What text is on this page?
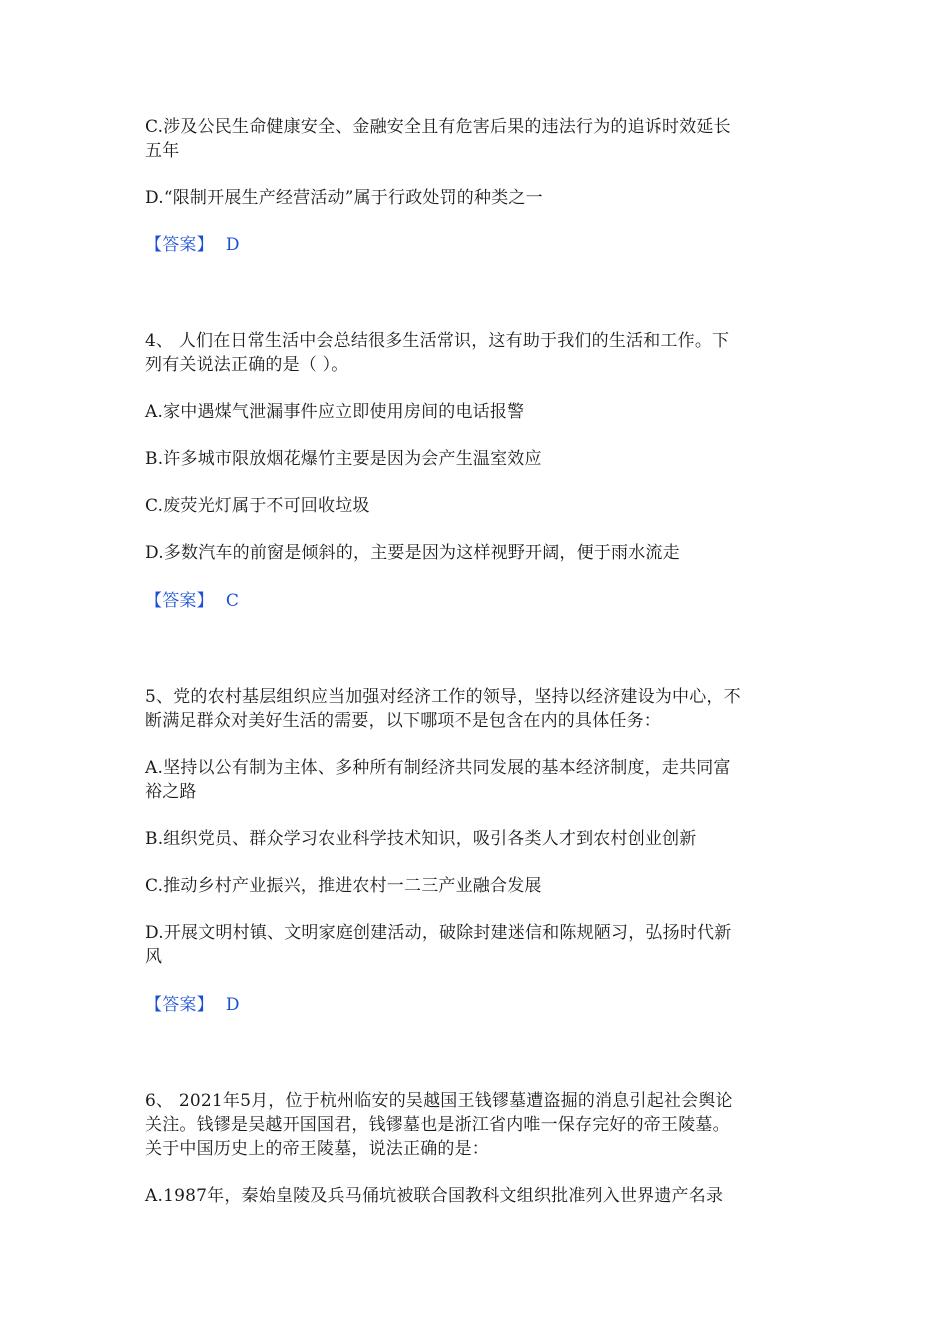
C.涉及公民生命健康安全、金融安全且有危害后果的违法行为的追诉时效延长
五年
D.“限制开展生产经营活动”属于行政处罚的种类之一
【答案】 D
4、 人们在日常生活中会总结很多生活常识，这有助于我们的生活和工作。下
列有关说法正确的是（ ）。
A.家中遇煤气泄漏事件应立即使用房间的电话报警
B.许多城市限放烟花爆竹主要是因为会产生温室效应
C.废荧光灯属于不可回收垃圾
D.多数汽车的前窗是倾斜的，主要是因为这样视野开阔，便于雨水流走
【答案】 C
5、党的农村基层组织应当加强对经济工作的领导，坚持以经济建设为中心，不
断满足群众对美好生活的需要，以下哪项不是包含在内的具体任务：
A.坚持以公有制为主体、多种所有制经济共同发展的基本经济制度，走共同富
裕之路
B.组织党员、群众学习农业科学技术知识，吸引各类人才到农村创业创新
C.推动乡村产业振兴，推进农村一二三产业融合发展
D.开展文明村镇、文明家庭创建活动，破除封建迷信和陈规陋习，弘扬时代新
风
【答案】 D
6、 2021年5月，位于杭州临安的吴越国王钱镠墓遭盗掘的消息引起社会舆论
关注。钱镠是吴越开国国君，钱镠墓也是浙江省内唯一保存完好的帝王陵墓。
关于中国历史上的帝王陵墓，说法正确的是：
A.1987年，秦始皇陵及兵马俑坑被联合国教科文组织批准列入世界遗产名录
